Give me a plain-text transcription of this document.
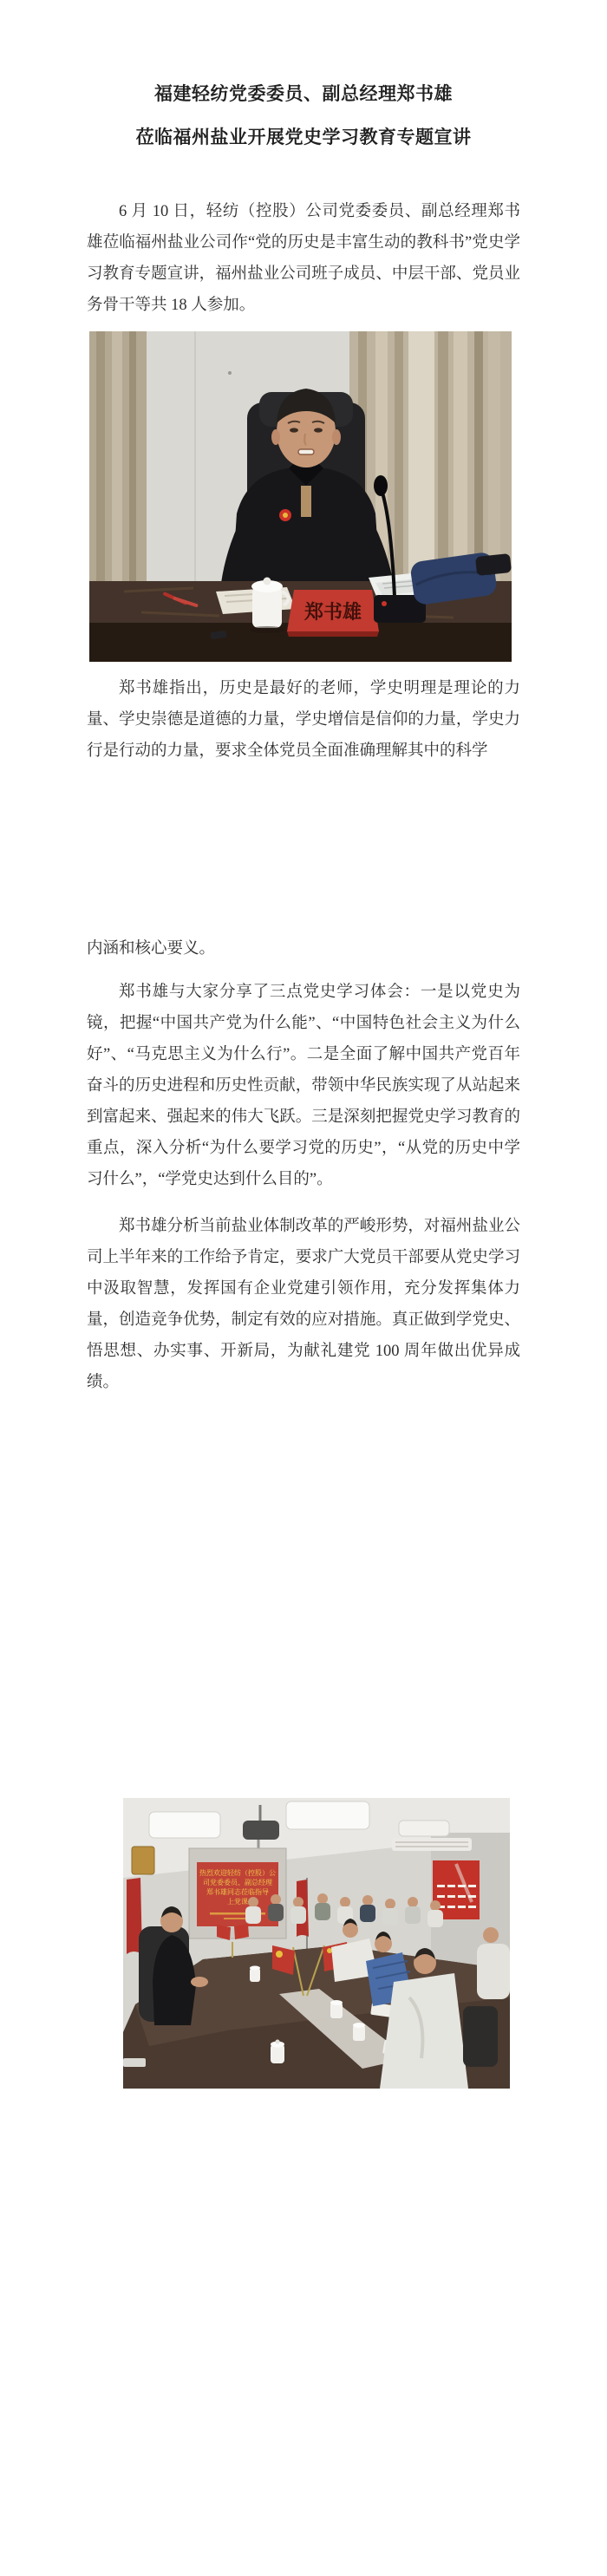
福建轻纺党委委员、副总经理郑书雄
莅临福州盐业开展党史学习教育专题宣讲

6 月 10 日，轻纺（控股）公司党委委员、副总经理郑书雄莅临福州盐业公司作“党的历史是丰富生动的教科书”党史学习教育专题宣讲，福州盐业公司班子成员、中层干部、党员业务骨干等共 18 人参加。

郑书雄

郑书雄指出，历史是最好的老师，学史明理是理论的力量、学史崇德是道德的力量，学史增信是信仰的力量，学史力行是行动的力量，要求全体党员全面准确理解其中的科学

内涵和核心要义。

郑书雄与大家分享了三点党史学习体会：一是以党史为镜，把握“中国共产党为什么能”、“中国特色社会主义为什么好”、“马克思主义为什么行”。二是全面了解中国共产党百年奋斗的历史进程和历史性贡献，带领中华民族实现了从站起来到富起来、强起来的伟大飞跃。三是深刻把握党史学习教育的重点，深入分析“为什么要学习党的历史”，“从党的历史中学习什么”，“学党史达到什么目的”。

郑书雄分析当前盐业体制改革的严峻形势，对福州盐业公司上半年来的工作给予肯定，要求广大党员干部要从党史学习中汲取智慧，发挥国有企业党建引领作用，充分发挥集体力量，创造竞争优势，制定有效的应对措施。真正做到学党史、悟思想、办实事、开新局，为献礼建党 100 周年做出优异成绩。

热烈欢迎轻纺（控股）公
司党委委员、副总经理
郑书雄同志莅临指导
上党课
